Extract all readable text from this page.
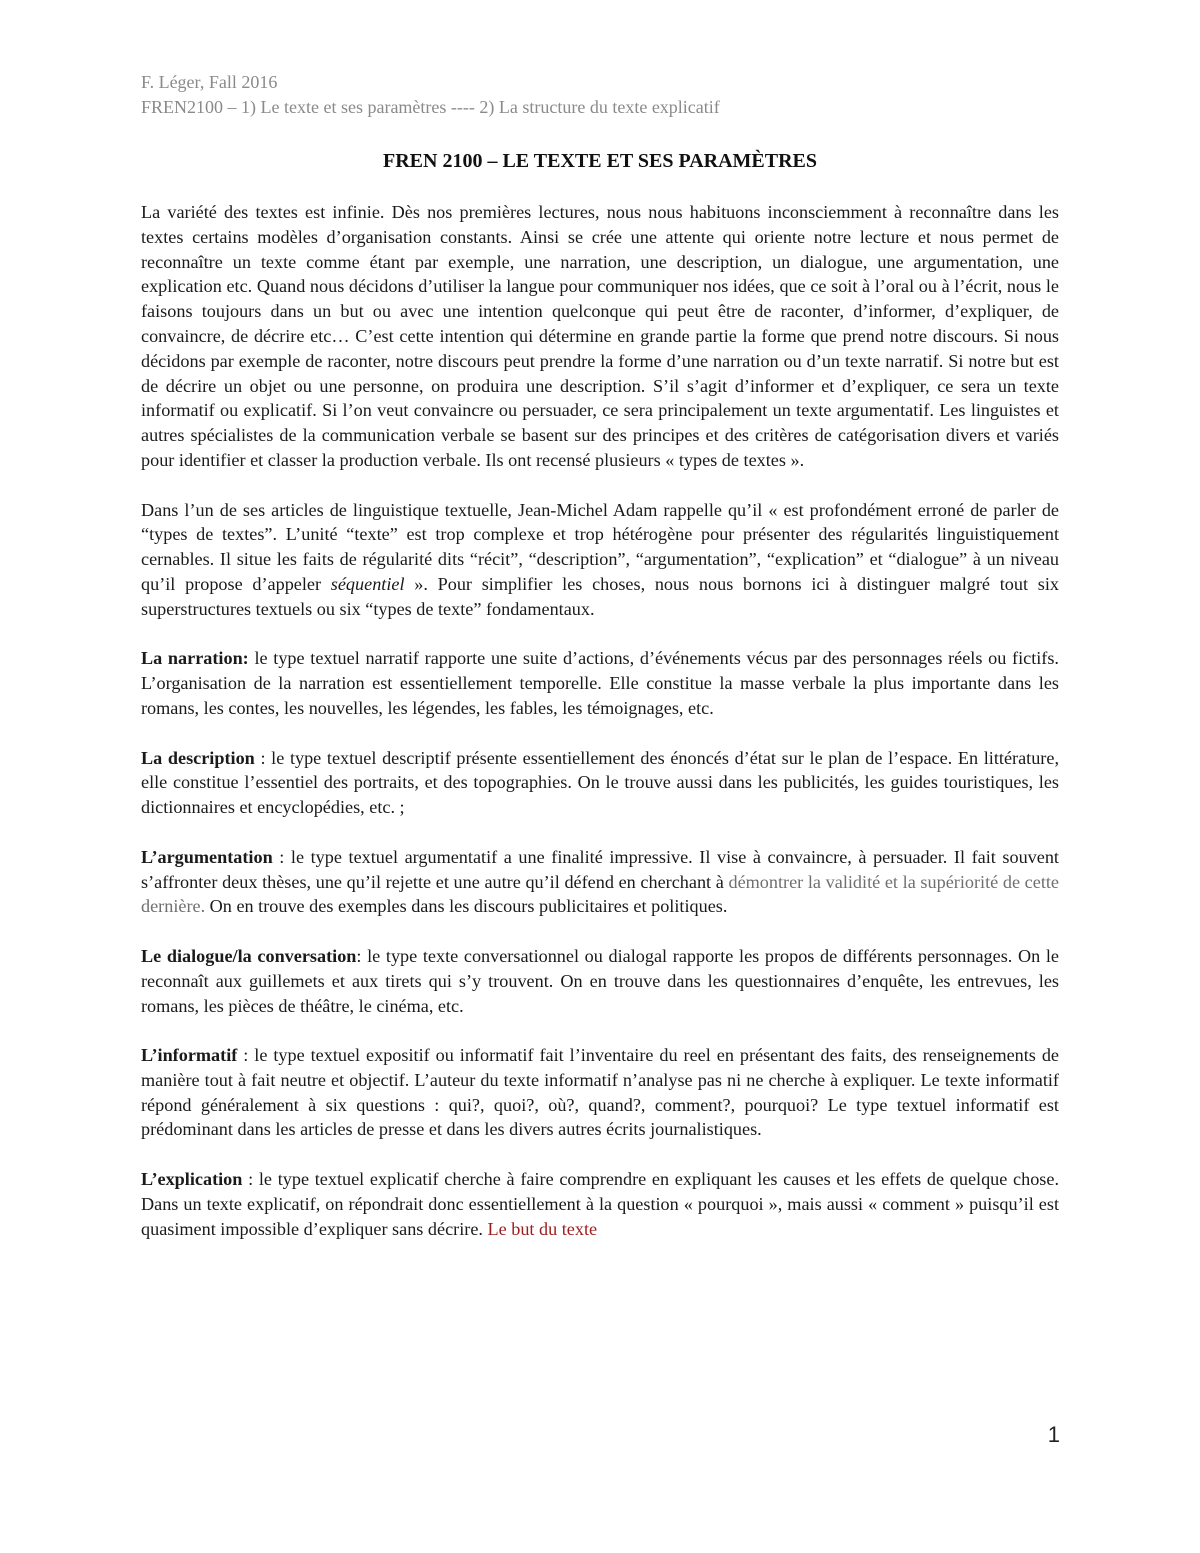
F. Léger, Fall 2016
FREN2100 – 1) Le texte et ses paramètres ---- 2) La structure du texte explicatif
FREN 2100 – LE TEXTE ET SES PARAMÈTRES

La variété des textes est infinie. Dès nos premières lectures, nous nous habituons inconsciemment à reconnaître dans les textes certains modèles d’organisation constants. Ainsi se crée une attente qui oriente notre lecture et nous permet de reconnaître un texte comme étant par exemple, une narration, une description, un dialogue, une argumentation, une explication etc. Quand nous décidons d’utiliser la langue pour communiquer nos idées, que ce soit à l’oral ou à l’écrit, nous le faisons toujours dans un but ou avec une intention quelconque qui peut être de raconter, d’informer, d’expliquer, de convaincre, de décrire etc… C’est cette intention qui détermine en grande partie la forme que prend notre discours. Si nous décidons par exemple de raconter, notre discours peut prendre la forme d’une narration ou d’un texte narratif. Si notre but est de décrire un objet ou une personne, on produira une description. S’il s’agit d’informer et d’expliquer, ce sera un texte informatif ou explicatif. Si l’on veut convaincre ou persuader, ce sera principalement un texte argumentatif. Les linguistes et autres spécialistes de la communication verbale se basent sur des principes et des critères de catégorisation divers et variés pour identifier et classer la production verbale. Ils ont recensé plusieurs « types de textes ».

Dans l’un de ses articles de linguistique textuelle, Jean-Michel Adam rappelle qu’il « est profondément erroné de parler de “types de textes”. L’unité “texte” est trop complexe et trop hétérogène pour présenter des régularités linguistiquement cernables. Il situe les faits de régularité dits “récit”, “description”, “argumentation”, “explication” et “dialogue” à un niveau qu’il propose d’appeler séquentiel ». Pour simplifier les choses, nous nous bornons ici à distinguer malgré tout six superstructures textuels ou six “types de texte” fondamentaux.

La narration: le type textuel narratif rapporte une suite d’actions, d’événements vécus par des personnages réels ou fictifs. L’organisation de la narration est essentiellement temporelle. Elle constitue la masse verbale la plus importante dans les romans, les contes, les nouvelles, les légendes, les fables, les témoignages, etc.

La description : le type textuel descriptif présente essentiellement des énoncés d’état sur le plan de l’espace. En littérature, elle constitue l’essentiel des portraits, et des topographies. On le trouve aussi dans les publicités, les guides touristiques, les dictionnaires et encyclopédies, etc. ;

L’argumentation : le type textuel argumentatif a une finalité impressive. Il vise à convaincre, à persuader. Il fait souvent s’affronter deux thèses, une qu’il rejette et une autre qu’il défend en cherchant à démontrer la validité et la supériorité de cette dernière. On en trouve des exemples dans les discours publicitaires et politiques.

Le dialogue/la conversation: le type texte conversationnel ou dialogal rapporte les propos de différents personnages. On le reconnaît aux guillemets et aux tirets qui s’y trouvent. On en trouve dans les questionnaires d’enquête, les entrevues, les romans, les pièces de théâtre, le cinéma, etc.

L’informatif : le type textuel expositif ou informatif fait l’inventaire du reel en présentant des faits, des renseignements de manière tout à fait neutre et objectif. L’auteur du texte informatif n’analyse pas ni ne cherche à expliquer. Le texte informatif répond généralement à six questions : qui?, quoi?, où?, quand?, comment?, pourquoi? Le type textuel informatif est prédominant dans les articles de presse et dans les divers autres écrits journalistiques.

L’explication : le type textuel explicatif cherche à faire comprendre en expliquant les causes et les effets de quelque chose. Dans un texte explicatif, on répondrait donc essentiellement à la question « pourquoi », mais aussi « comment » puisqu’il est quasiment impossible d’expliquer sans décrire. Le but du texte

1
